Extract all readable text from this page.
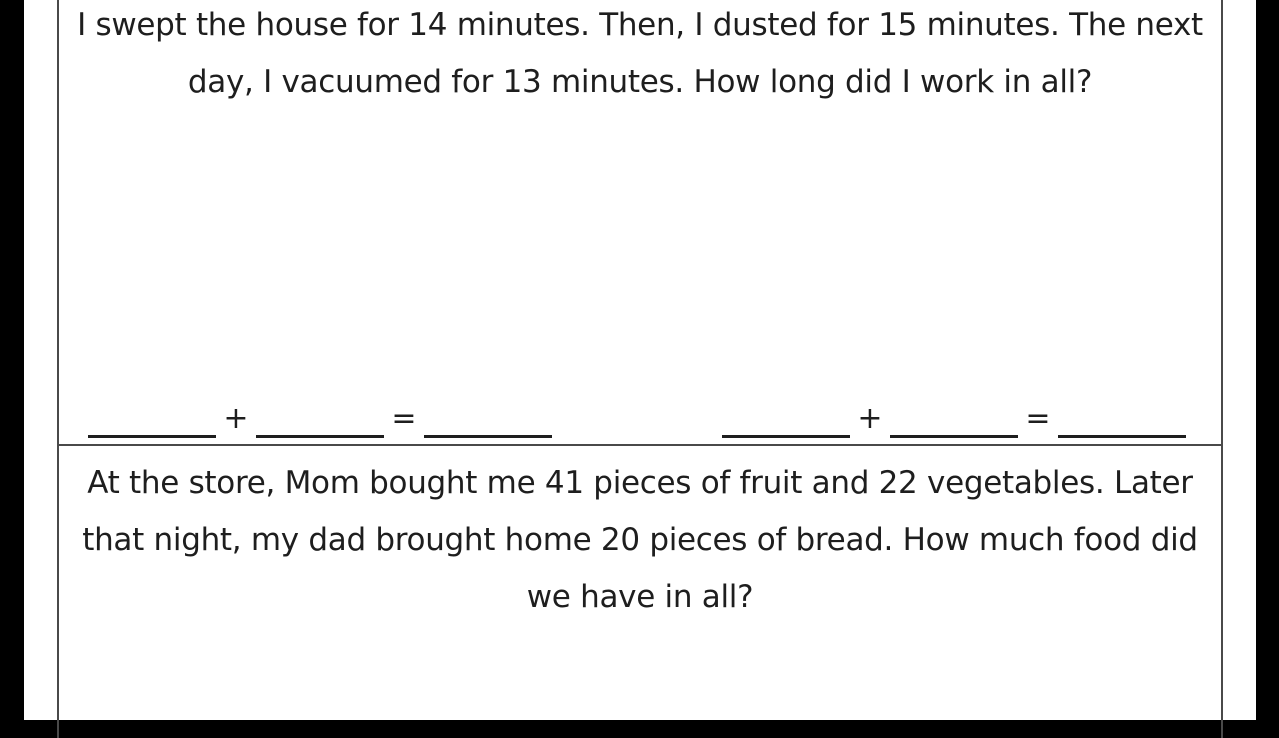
I swept the house for 14 minutes. Then, I dusted for 15 minutes. The next day, I vacuumed for 13 minutes. How long did I work in all?

+	=	+	=

At the store, Mom bought me 41 pieces of fruit and 22 vegetables. Later that night, my dad brought home 20 pieces of bread. How much food did we have in all?
